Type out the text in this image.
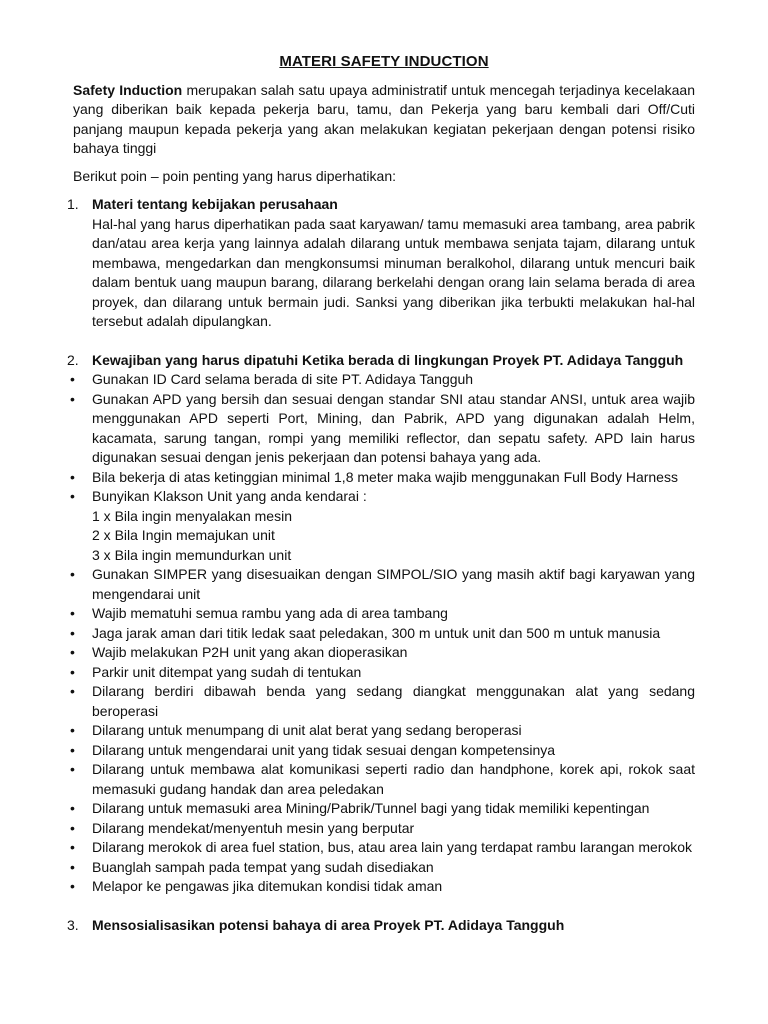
MATERI SAFETY INDUCTION

Safety Induction merupakan salah satu upaya administratif untuk mencegah terjadinya kecelakaan yang diberikan baik kepada pekerja baru, tamu, dan Pekerja yang baru kembali dari Off/Cuti panjang maupun kepada pekerja yang akan melakukan kegiatan pekerjaan dengan potensi risiko bahaya tinggi

Berikut poin – poin penting yang harus diperhatikan:

1. Materi tentang kebijakan perusahaan

Hal-hal yang harus diperhatikan pada saat karyawan/ tamu memasuki area tambang, area pabrik dan/atau area kerja yang lainnya adalah dilarang untuk membawa senjata tajam, dilarang untuk membawa, mengedarkan dan mengkonsumsi minuman beralkohol, dilarang untuk mencuri baik dalam bentuk uang maupun barang, dilarang berkelahi dengan orang lain selama berada di area proyek, dan dilarang untuk bermain judi. Sanksi yang diberikan jika terbukti melakukan hal-hal tersebut adalah dipulangkan.

2. Kewajiban yang harus dipatuhi Ketika berada di lingkungan Proyek PT. Adidaya Tangguh
• Gunakan ID Card selama berada di site PT. Adidaya Tangguh
• Gunakan APD yang bersih dan sesuai dengan standar SNI atau standar ANSI, untuk area wajib menggunakan APD seperti Port, Mining, dan Pabrik, APD yang digunakan adalah Helm, kacamata, sarung tangan, rompi yang memiliki reflector, dan sepatu safety. APD lain harus digunakan sesuai dengan jenis pekerjaan dan potensi bahaya yang ada.
• Bila bekerja di atas ketinggian minimal 1,8 meter maka wajib menggunakan Full Body Harness
• Bunyikan Klakson Unit yang anda kendarai :
1 x Bila ingin menyalakan mesin
2 x Bila Ingin memajukan unit
3 x Bila ingin memundurkan unit
• Gunakan SIMPER yang disesuaikan dengan SIMPOL/SIO yang masih aktif bagi karyawan yang mengendarai unit
• Wajib mematuhi semua rambu yang ada di area tambang
• Jaga jarak aman dari titik ledak saat peledakan, 300 m untuk unit dan 500 m untuk manusia
• Wajib melakukan P2H unit yang akan dioperasikan
• Parkir unit ditempat yang sudah di tentukan
• Dilarang berdiri dibawah benda yang sedang diangkat menggunakan alat yang sedang beroperasi
• Dilarang untuk menumpang di unit alat berat yang sedang beroperasi
• Dilarang untuk mengendarai unit yang tidak sesuai dengan kompetensinya
• Dilarang untuk membawa alat komunikasi seperti radio dan handphone, korek api, rokok saat memasuki gudang handak dan area peledakan
• Dilarang untuk memasuki area Mining/Pabrik/Tunnel bagi yang tidak memiliki kepentingan
• Dilarang mendekat/menyentuh mesin yang berputar
• Dilarang merokok di area fuel station, bus, atau area lain yang terdapat rambu larangan merokok
• Buanglah sampah pada tempat yang sudah disediakan
• Melapor ke pengawas jika ditemukan kondisi tidak aman
3. Mensosialisasikan potensi bahaya di area Proyek PT. Adidaya Tangguh
